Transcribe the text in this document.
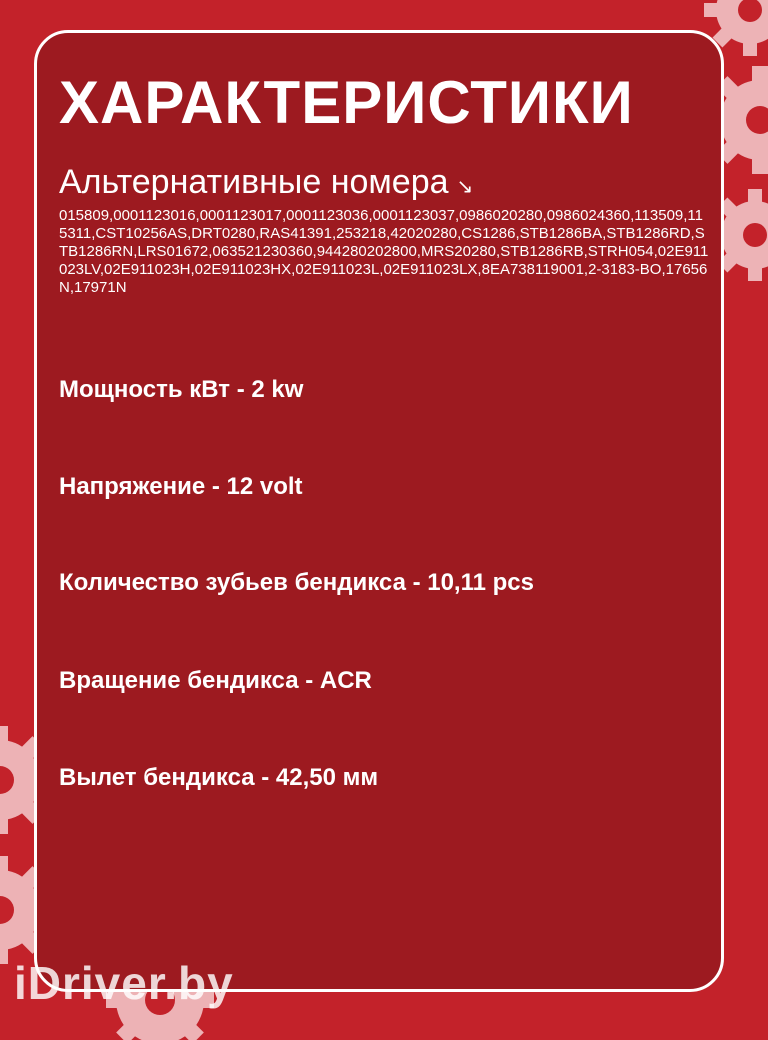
ХАРАКТЕРИСТИКИ
Альтернативные номера ↘
015809,0001123016,0001123017,0001123036,0001123037,0986020280,0986024360,113509,115311,CST10256AS,DRT0280,RAS41391,253218,42020280,CS1286,STB1286BA,STB1286RD,STB1286RN,LRS01672,063521230360,944280202800,MRS20280,STB1286RB,STRH054,02E911023LV,02E911023H,02E911023HX,02E911023L,02E911023LX,8EA738119001,2-3183-BO,17656N,17971N
Мощность кВт - 2 kw
Напряжение - 12 volt
Количество зубьев бендикса - 10,11 pcs
Вращение бендикса - ACR
Вылет бендикса - 42,50 мм
iDriver.by
